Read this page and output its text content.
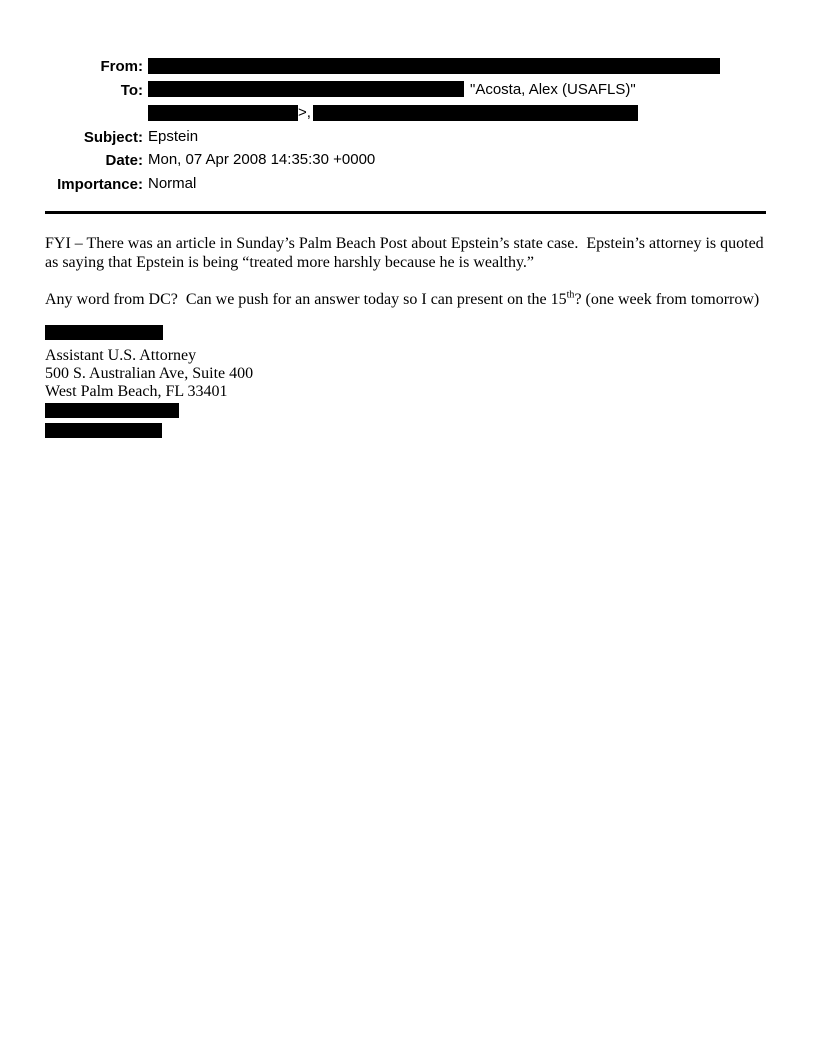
From:
To:	"Acosta, Alex (USAFLS)"
>,
Subject: Epstein
Date: Mon, 07 Apr 2008 14:35:30 +0000
Importance: Normal
FYI – There was an article in Sunday’s Palm Beach Post about Epstein’s state case.  Epstein’s attorney is quoted
as saying that Epstein is being “treated more harshly because he is wealthy.”
Any word from DC?  Can we push for an answer today so I can present on the 15th? (one week from tomorrow)
Assistant U.S. Attorney
500 S. Australian Ave, Suite 400
West Palm Beach, FL 33401
